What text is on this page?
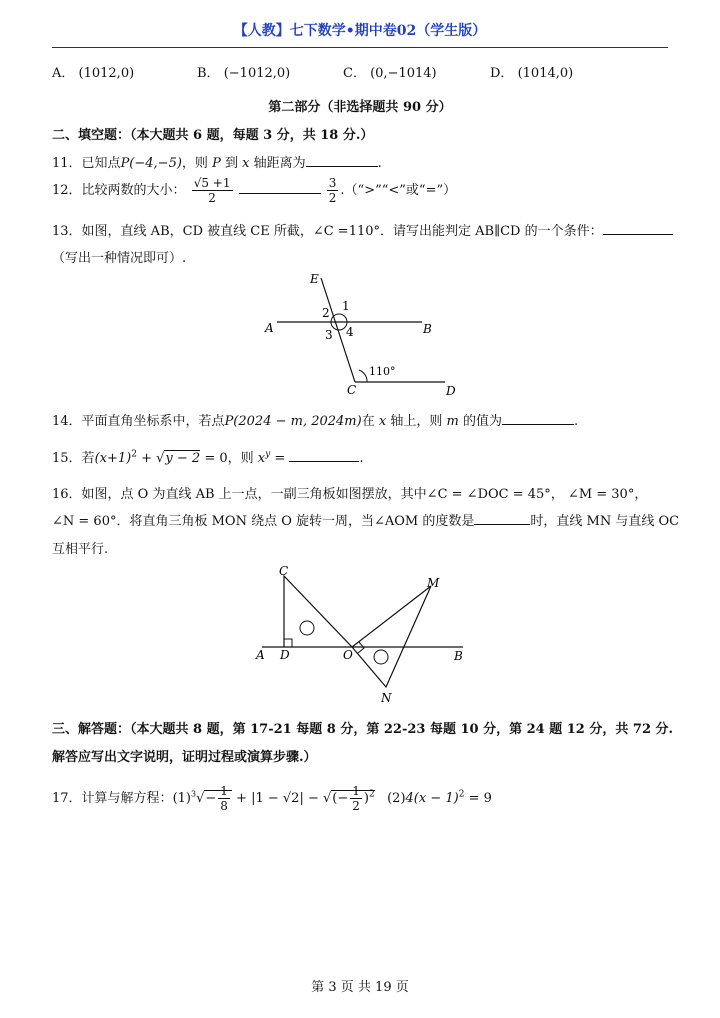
【人教】七下数学•期中卷02（学生版）
A． (1012,0)	B． (−1012,0)	C． (0,−1014)	D． (1014,0)
第二部分（非选择题共 90 分）
二、填空题：（本大题共 6 题，每题 3 分，共 18 分.）
11．已知点P(−4,−5)，则 P 到 x 轴距离为	.
12．比较两数的大小： $\frac{√5 +1}{2}$
	$\frac{3}{2}$ .（“>”“<”或“=”）
13．如图，直线 AB，CD 被直线 CE 所截，∠C =110°．请写出能判定 AB∥CD 的一个条件：
（写出一种情况即可）.
E
A	B
C	D
1
2
3 4
110°
14．平面直角坐标系中，若点P(2024 − m, 2024m)在 x 轴上，则 m 的值为	.
15．若$(x+1)^2 + √y - 2 = 0$，则 $x^y$ =	.
16．如图，点 O 为直线 AB 上一点，一副三角板如图摆放，其中∠C = ∠DOC = 45°， ∠M = 30°，
∠N = 60°．将直角三角板 MON 绕点 O 旋转一周，当∠AOM 的度数是	时，直线 MN 与直线 OC
互相平行.
C
M
A D	O	B
N
三、解答题：（本大题共 8 题，第 17-21 每题 8 分，第 22-23 每题 10 分，第 24 题 12 分，共 72 分.
解答应写出文字说明，证明过程或演算步骤.）
17．计算与解方程：$(1)^3√- \frac{1}{8} + |1 - √2|$ − √(− $\frac{1}{2} )^2$ $(2)4(x - 1)^2 = 9$
第 3 页 共 19 页
